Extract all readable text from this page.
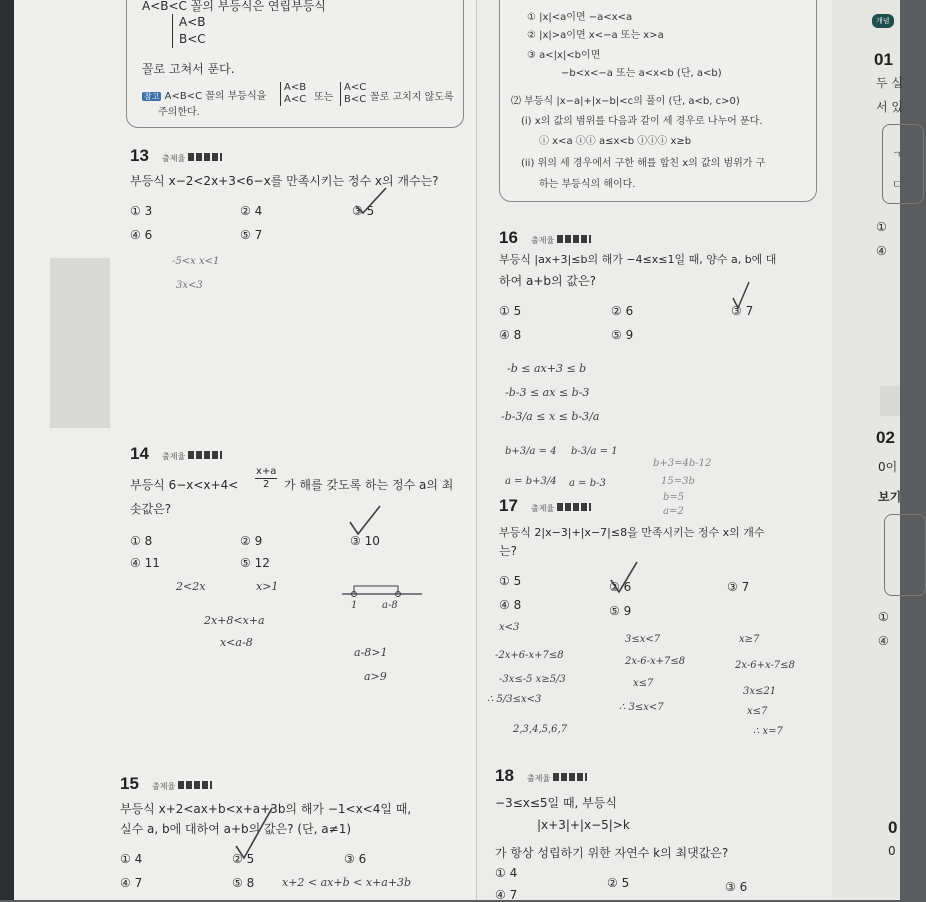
A<B<C 꼴의 부등식은 연립부등식
A<B
B<C
꼴로 고쳐서 푼다.
참고 A<B<C 꼴의 부등식을
A<B
A<C 또는
A<C
B<C 꼴로 고치지 않도록
주의한다.
13 출제율
부등식 x−2<2x+3<6−x를 만족시키는 정수 x의 개수는?
① 3	② 4	③ 5
④ 6	⑤ 7
-5<x x<1
3x<3
14 출제율
부등식 $6-x<x+4< \frac{x+a}{2}$ 가 해를 갖도록 하는 정수 a의 최
솟값은?
① 8	② 9	③ 10
④ 11	⑤ 12
2<2x	x>1
1 a-8
2x+8<x+a
x<a-8
a-8>1
a>9
15 출제율
부등식 x+2<ax+b<x+a+3b의 해가 −1<x<4일 때,
실수 a, b에 대하여 a+b의 값은? (단, a≠1)
① 4	② 5	③ 6
④ 7	⑤ 8	x+2 < ax+b < x+a+3b
① |x|<a이면 −a<x<a
② |x|>a이면 x<−a 또는 x>a
③ a<|x|<b이면
−b<x<−a 또는 a<x<b (단, a<b)
⑵ 부등식 |x−a|+|x−b|<c의 풀이 (단, a<b, c>0)
(i) x의 값의 범위를 다음과 같이 세 경우로 나누어 푼다.
ⓘ x<a ⓘⓘ a≤x<b ⓘⓘⓘ x≥b
(ii) 위의 세 경우에서 구한 해를 합친 x의 값의 범위가 구
하는 부등식의 해이다.
16 출제율
부등식 |ax+3|≤b의 해가 −4≤x≤1일 때, 양수 a, b에 대
하여 a+b의 값은?
① 5	② 6	③ 7
④ 8	⑤ 9
-b ≤ ax+3 ≤ b
-b-3 ≤ ax ≤ b-3
-b-3/a ≤ x ≤ b-3/a
b+3/a = 4 b-3/a = 1
a = b+3/4 a = b-3
b+3=4b-12
15=3b
b=5
a=2
17 출제율
부등식 2|x−3|+|x−7|≤8을 만족시키는 정수 x의 개수
는?
① 5	② 6	③ 7
④ 8	⑤ 9
x<3
-2x+6-x+7≤8
-3x≤-5 x≥5/3
∴ 5/3≤x<3
2,3,4,5,6,7
3≤x<7
2x-6-x+7≤8
x≤7
∴ 3≤x<7
x≥7
2x-6+x-7≤8
3x≤21
x≤7
∴ x=7
18 출제율
−3≤x≤5일 때, 부등식
|x+3|+|x−5|>k
가 항상 성립하기 위한 자연수 k의 최댓값은?
① 4
② 5	③ 6
④ 7
개념
01
두 실
서 있
ㄱ
ㄷ
①
④
02
0이
보기
①
④
0
0
